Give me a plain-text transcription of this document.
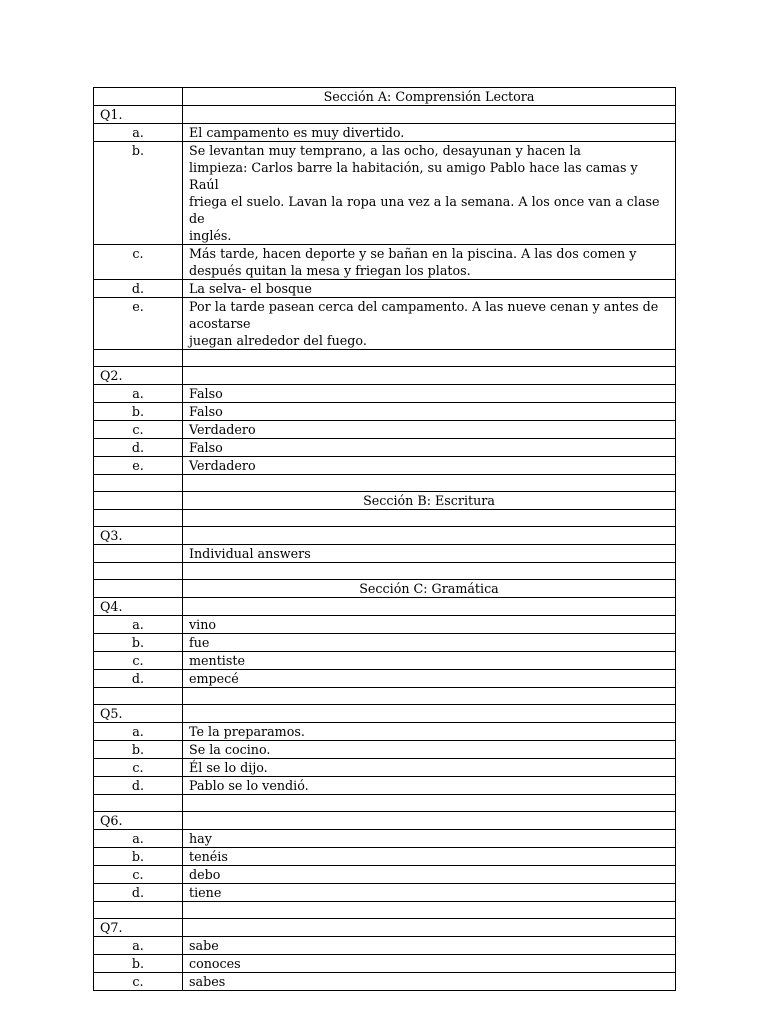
	Sección A: Comprensión Lectora
Q1.	
a.	El campamento es muy divertido.
b.	Se levantan muy temprano, a las ocho, desayunan y hacen la
limpieza: Carlos barre la habitación, su amigo Pablo hace las camas y Raúl
friega el suelo. Lavan la ropa una vez a la semana. A los once van a clase de
inglés.

c.	Más tarde, hacen deporte y se bañan en la piscina. A las dos comen y
después quitan la mesa y friegan los platos.

d.	La selva- el bosque
e.	Por la tarde pasean cerca del campamento. A las nueve cenan y antes de
acostarse
juegan alrededor del fuego.

Q2.	
a.	Falso
b.	Falso
c.	Verdadero
d.	Falso
e.	Verdadero

	Sección B: Escritura

Q3.	
	Individual answers

	Sección C: Gramática
Q4.	
a.	vino
b.	fue
c.	mentiste
d.	empecé

Q5.	
a.	Te la preparamos.
b.	Se la cocino.
c.	Él se lo dijo.
d.	Pablo se lo vendió.

Q6.	
a.	hay
b.	tenéis
c.	debo
d.	tiene

Q7.	
a.	sabe
b.	conoces
c.	sabes
